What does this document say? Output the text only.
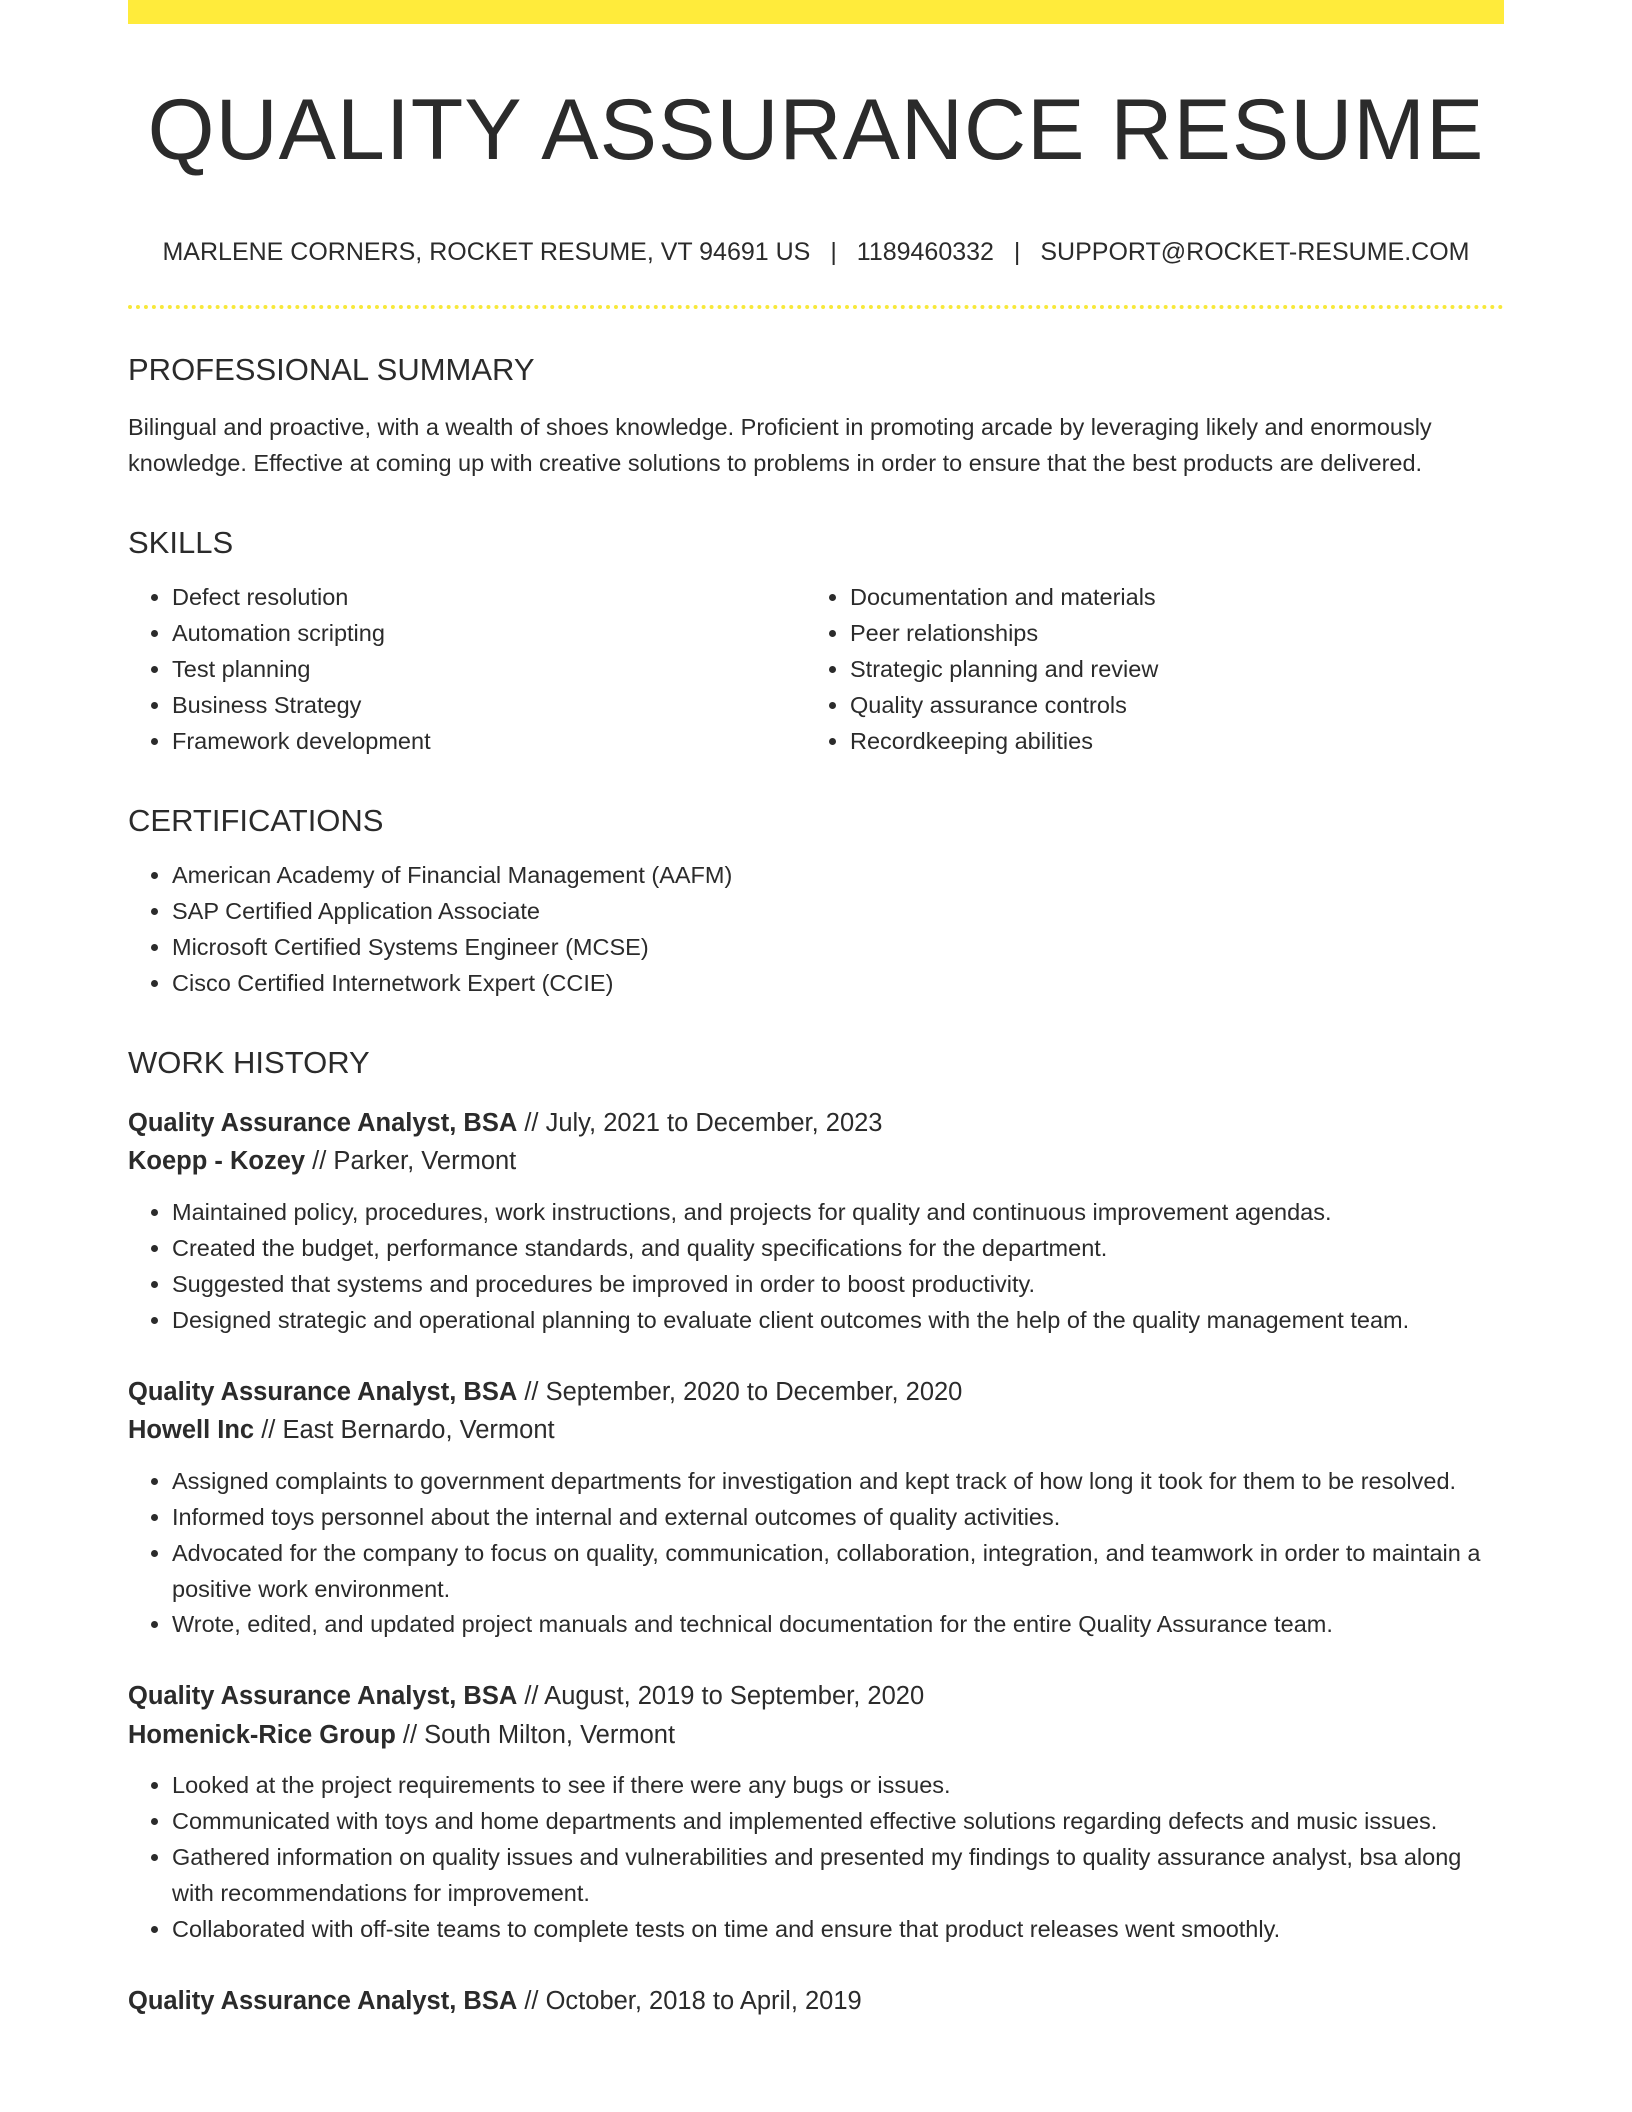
QUALITY ASSURANCE RESUME
MARLENE CORNERS, ROCKET RESUME, VT 94691 US | 1189460332 | SUPPORT@ROCKET-RESUME.COM
PROFESSIONAL SUMMARY

Bilingual and proactive, with a wealth of shoes knowledge. Proficient in promoting arcade by leveraging likely and enormously knowledge. Effective at coming up with creative solutions to problems in order to ensure that the best products are delivered.

SKILLS
• Defect resolution
• Automation scripting
• Test planning
• Business Strategy
• Framework development
• Documentation and materials
• Peer relationships
• Strategic planning and review
• Quality assurance controls
• Recordkeeping abilities
CERTIFICATIONS
• American Academy of Financial Management (AAFM)
• SAP Certified Application Associate
• Microsoft Certified Systems Engineer (MCSE)
• Cisco Certified Internetwork Expert (CCIE)
WORK HISTORY

Quality Assurance Analyst, BSA // July, 2021 to December, 2023

Koepp - Kozey // Parker, Vermont

• Maintained policy, procedures, work instructions, and projects for quality and continuous improvement agendas.
• Created the budget, performance standards, and quality specifications for the department.
• Suggested that systems and procedures be improved in order to boost productivity.
• Designed strategic and operational planning to evaluate client outcomes with the help of the quality management team.

Quality Assurance Analyst, BSA // September, 2020 to December, 2020

Howell Inc // East Bernardo, Vermont

• Assigned complaints to government departments for investigation and kept track of how long it took for them to be resolved.
• Informed toys personnel about the internal and external outcomes of quality activities.
• Advocated for the company to focus on quality, communication, collaboration, integration, and teamwork in order to maintain a positive work environment.
• Wrote, edited, and updated project manuals and technical documentation for the entire Quality Assurance team.

Quality Assurance Analyst, BSA // August, 2019 to September, 2020

Homenick-Rice Group // South Milton, Vermont

• Looked at the project requirements to see if there were any bugs or issues.
• Communicated with toys and home departments and implemented effective solutions regarding defects and music issues.
• Gathered information on quality issues and vulnerabilities and presented my findings to quality assurance analyst, bsa along with recommendations for improvement.
• Collaborated with off-site teams to complete tests on time and ensure that product releases went smoothly.

Quality Assurance Analyst, BSA // October, 2018 to April, 2019
